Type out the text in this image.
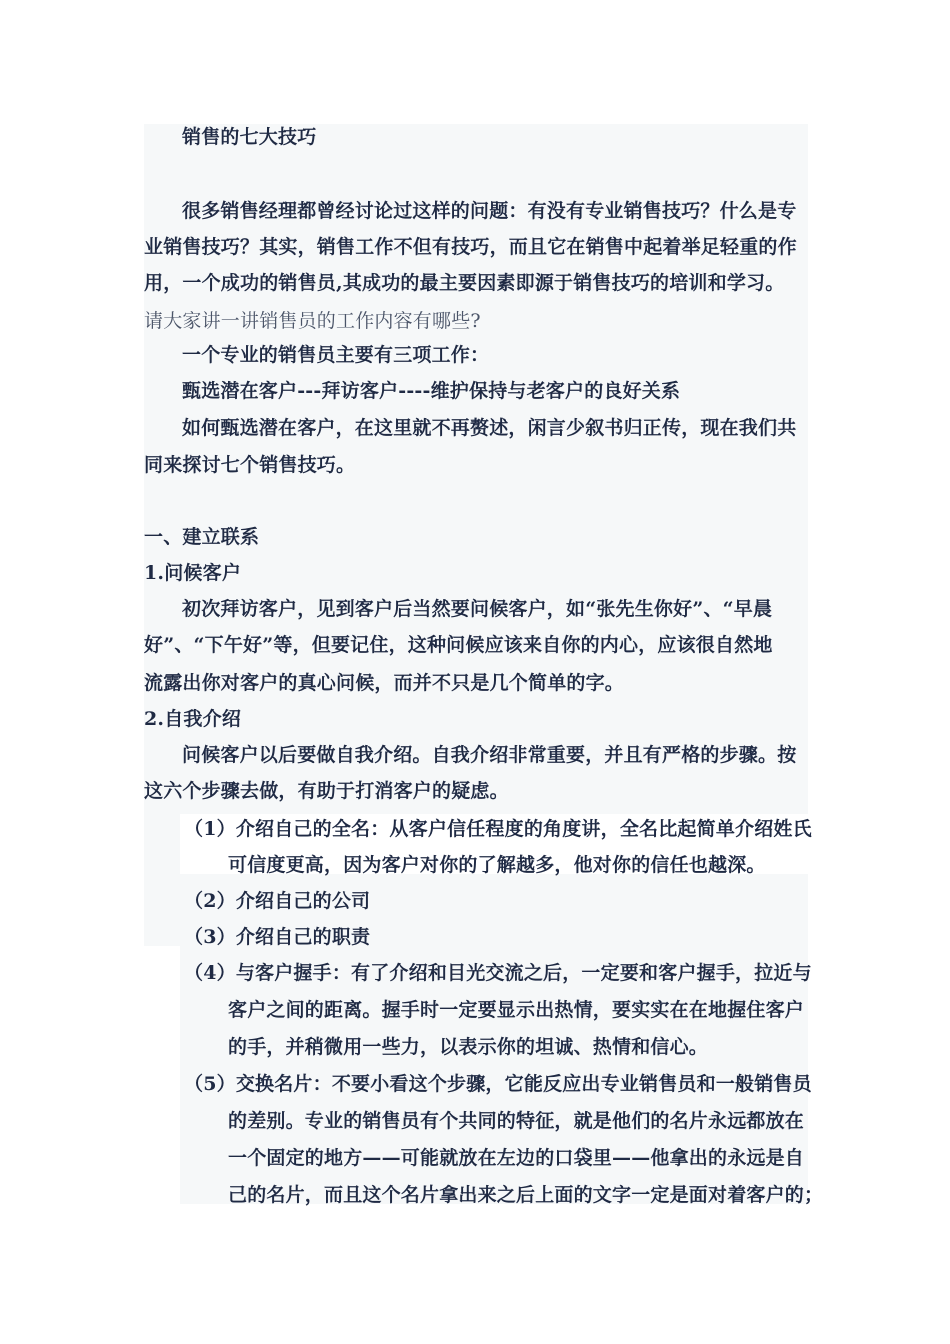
销售的七大技巧
很多销售经理都曾经讨论过这样的问题：有没有专业销售技巧？什么是专
业销售技巧？其实，销售工作不但有技巧，而且它在销售中起着举足轻重的作
用，一个成功的销售员,其成功的最主要因素即源于销售技巧的培训和学习。
请大家讲一讲销售员的工作内容有哪些?
一个专业的销售员主要有三项工作：
甄选潜在客户---拜访客户----维护保持与老客户的良好关系
如何甄选潜在客户，在这里就不再赘述，闲言少叙书归正传，现在我们共
同来探讨七个销售技巧。
一、建立联系
1.问候客户
初次拜访客户，见到客户后当然要问候客户，如“张先生你好”、“早晨
好”、“下午好”等，但要记住，这种问候应该来自你的内心，应该很自然地
流露出你对客户的真心问候，而并不只是几个简单的字。
2.自我介绍
问候客户以后要做自我介绍。自我介绍非常重要，并且有严格的步骤。按
这六个步骤去做，有助于打消客户的疑虑。
（1）介绍自己的全名：从客户信任程度的角度讲，全名比起简单介绍姓氏
可信度更高，因为客户对你的了解越多，他对你的信任也越深。
（2）介绍自己的公司
（3）介绍自己的职责
（4）与客户握手：有了介绍和目光交流之后，一定要和客户握手，拉近与
客户之间的距离。握手时一定要显示出热情，要实实在在地握住客户
的手，并稍微用一些力，以表示你的坦诚、热情和信心。
（5）交换名片：不要小看这个步骤，它能反应出专业销售员和一般销售员
的差别。专业的销售员有个共同的特征，就是他们的名片永远都放在
一个固定的地方——可能就放在左边的口袋里——他拿出的永远是自
己的名片，而且这个名片拿出来之后上面的文字一定是面对着客户的；
